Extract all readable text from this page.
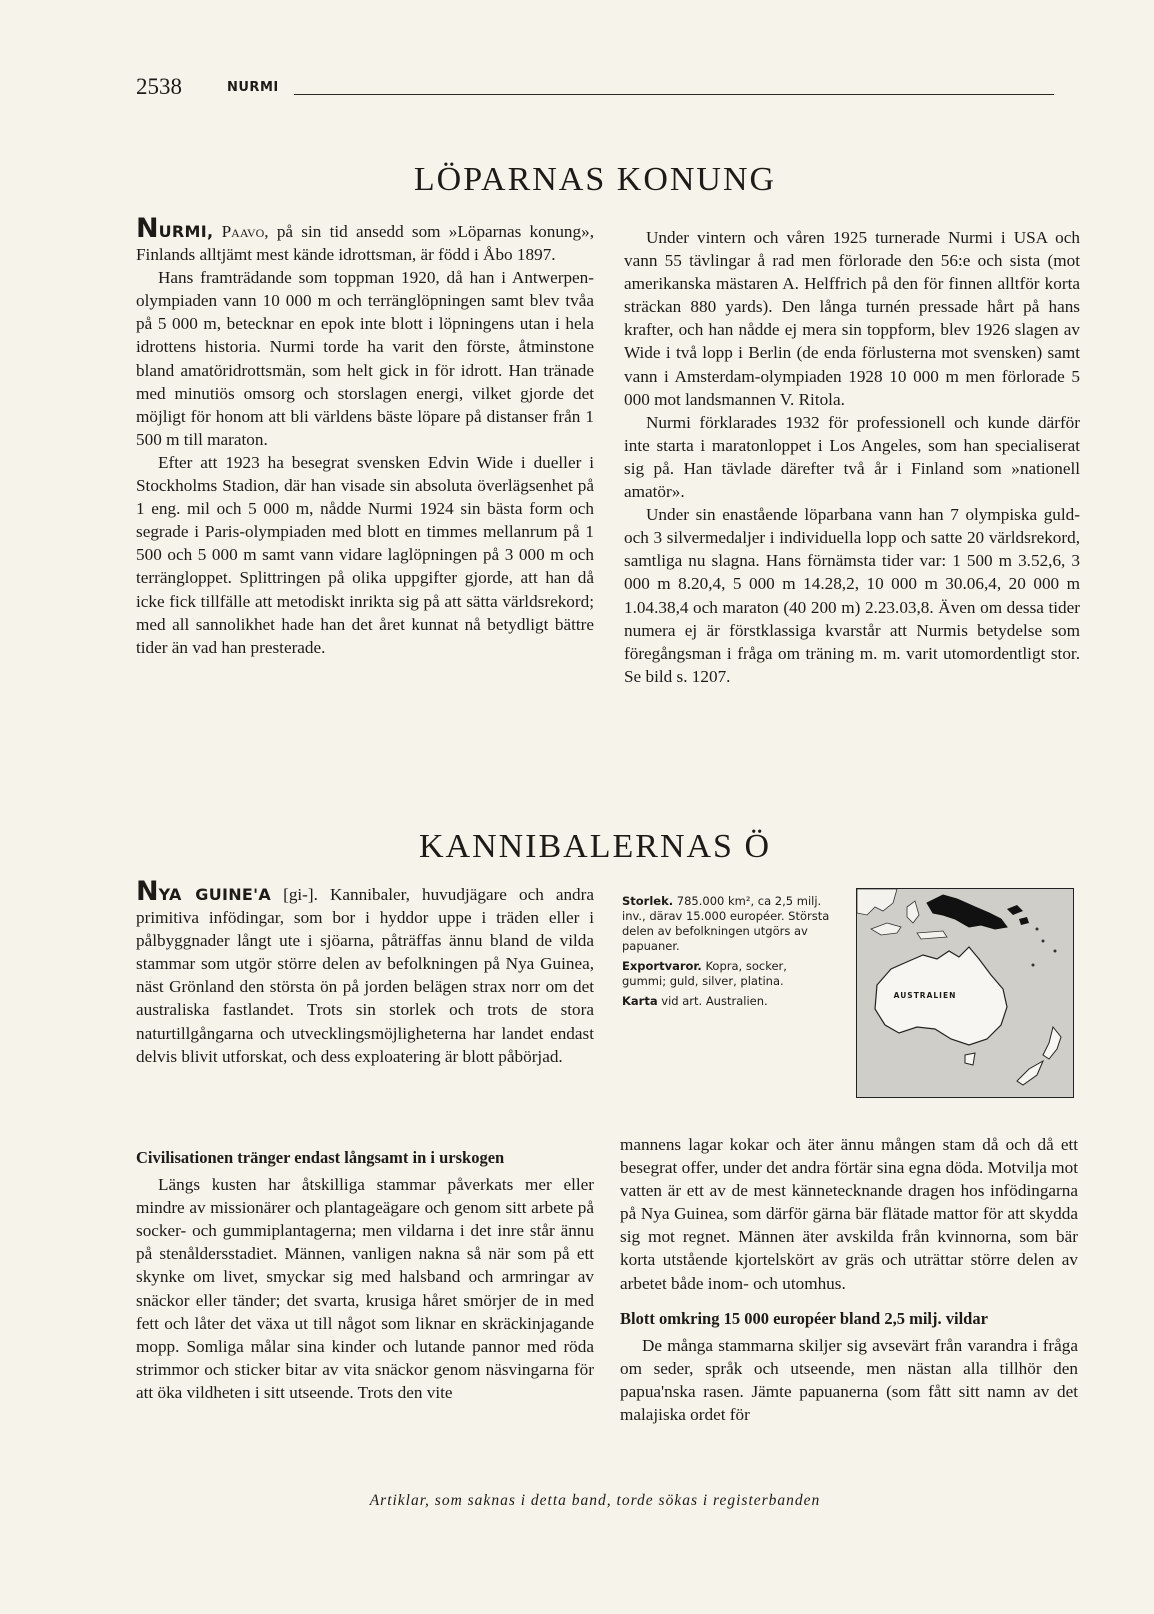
2538	NURMI
LÖPARNAS KONUNG

NURMI, Paavo, på sin tid ansedd som »Löparnas konung», Finlands alltjämt mest kände idrottsman, är född i Åbo 1897.

Hans framträdande som toppman 1920, då han i Antwerpen-olympiaden vann 10 000 m och terränglöpningen samt blev tvåa på 5 000 m, betecknar en epok inte blott i löpningens utan i hela idrottens historia. Nurmi torde ha varit den förste, åtminstone bland amatöridrottsmän, som helt gick in för idrott. Han tränade med minutiös omsorg och storslagen energi, vilket gjorde det möjligt för honom att bli världens bäste löpare på distanser från 1 500 m till maraton.

Efter att 1923 ha besegrat svensken Edvin Wide i dueller i Stockholms Stadion, där han visade sin absoluta överlägsenhet på 1 eng. mil och 5 000 m, nådde Nurmi 1924 sin bästa form och segrade i Paris-olympiaden med blott en timmes mellanrum på 1 500 och 5 000 m samt vann vidare laglöpningen på 3 000 m och terrängloppet. Splittringen på olika uppgifter gjorde, att han då icke fick tillfälle att metodiskt inrikta sig på att sätta världsrekord; med all sannolikhet hade han det året kunnat nå betydligt bättre tider än vad han presterade.

Under vintern och våren 1925 turnerade Nurmi i USA och vann 55 tävlingar å rad men förlorade den 56:e och sista (mot amerikanska mästaren A. Helffrich på den för finnen alltför korta sträckan 880 yards). Den långa turnén pressade hårt på hans krafter, och han nådde ej mera sin toppform, blev 1926 slagen av Wide i två lopp i Berlin (de enda förlusterna mot svensken) samt vann i Amsterdam-olympiaden 1928 10 000 m men förlorade 5 000 mot landsmannen V. Ritola.

Nurmi förklarades 1932 för professionell och kunde därför inte starta i maratonloppet i Los Angeles, som han specialiserat sig på. Han tävlade därefter två år i Finland som »nationell amatör».

Under sin enastående löparbana vann han 7 olympiska guld- och 3 silvermedaljer i individuella lopp och satte 20 världsrekord, samtliga nu slagna. Hans förnämsta tider var: 1 500 m 3.52,6, 3 000 m 8.20,4, 5 000 m 14.28,2, 10 000 m 30.06,4, 20 000 m 1.04.38,4 och maraton (40 200 m) 2.23.03,8. Även om dessa tider numera ej är förstklassiga kvarstår att Nurmis betydelse som föregångsman i fråga om träning m. m. varit utomordentligt stor. Se bild s. 1207.

KANNIBALERNAS Ö

NYA GUINE'A [gi-]. Kannibaler, huvudjägare och andra primitiva infödingar, som bor i hyddor uppe i träden eller i pålbyggnader långt ute i sjöarna, påträffas ännu bland de vilda stammar som utgör större delen av befolkningen på Nya Guinea, näst Grönland den största ön på jorden belägen strax norr om det australiska fastlandet. Trots sin storlek och trots de stora naturtillgångarna och utvecklingsmöjligheterna har landet endast delvis blivit utforskat, och dess exploatering är blott påbörjad.

Storlek. 785.000 km², ca 2,5 milj. inv., därav 15.000 européer. Största delen av befolkningen utgörs av papuaner.

Exportvaror. Kopra, socker, gummi; guld, silver, platina.

Karta vid art. Australien.	AUSTRALIEN

Civilisationen tränger endast långsamt in i urskogen

Längs kusten har åtskilliga stammar påverkats mer eller mindre av missionärer och plantageägare och genom sitt arbete på socker- och gummiplantagerna; men vildarna i det inre står ännu på stenåldersstadiet. Männen, vanligen nakna så när som på ett skynke om livet, smyckar sig med halsband och armringar av snäckor eller tänder; det svarta, krusiga håret smörjer de in med fett och låter det växa ut till något som liknar en skräckinjagande mopp. Somliga målar sina kinder och lutande pannor med röda strimmor och sticker bitar av vita snäckor genom näsvingarna för att öka vildheten i sitt utseende. Trots den vite

mannens lagar kokar och äter ännu mången stam då och då ett besegrat offer, under det andra förtär sina egna döda. Motvilja mot vatten är ett av de mest kännetecknande dragen hos infödingarna på Nya Guinea, som därför gärna bär flätade mattor för att skydda sig mot regnet. Männen äter avskilda från kvinnorna, som bär korta utstående kjortelskört av gräs och uträttar större delen av arbetet både inom- och utomhus.

Blott omkring 15 000 européer bland 2,5 milj. vildar

De många stammarna skiljer sig avsevärt från varandra i fråga om seder, språk och utseende, men nästan alla tillhör den papua'nska rasen. Jämte papuanerna (som fått sitt namn av det malajiska ordet för

Artiklar, som saknas i detta band, torde sökas i registerbanden
